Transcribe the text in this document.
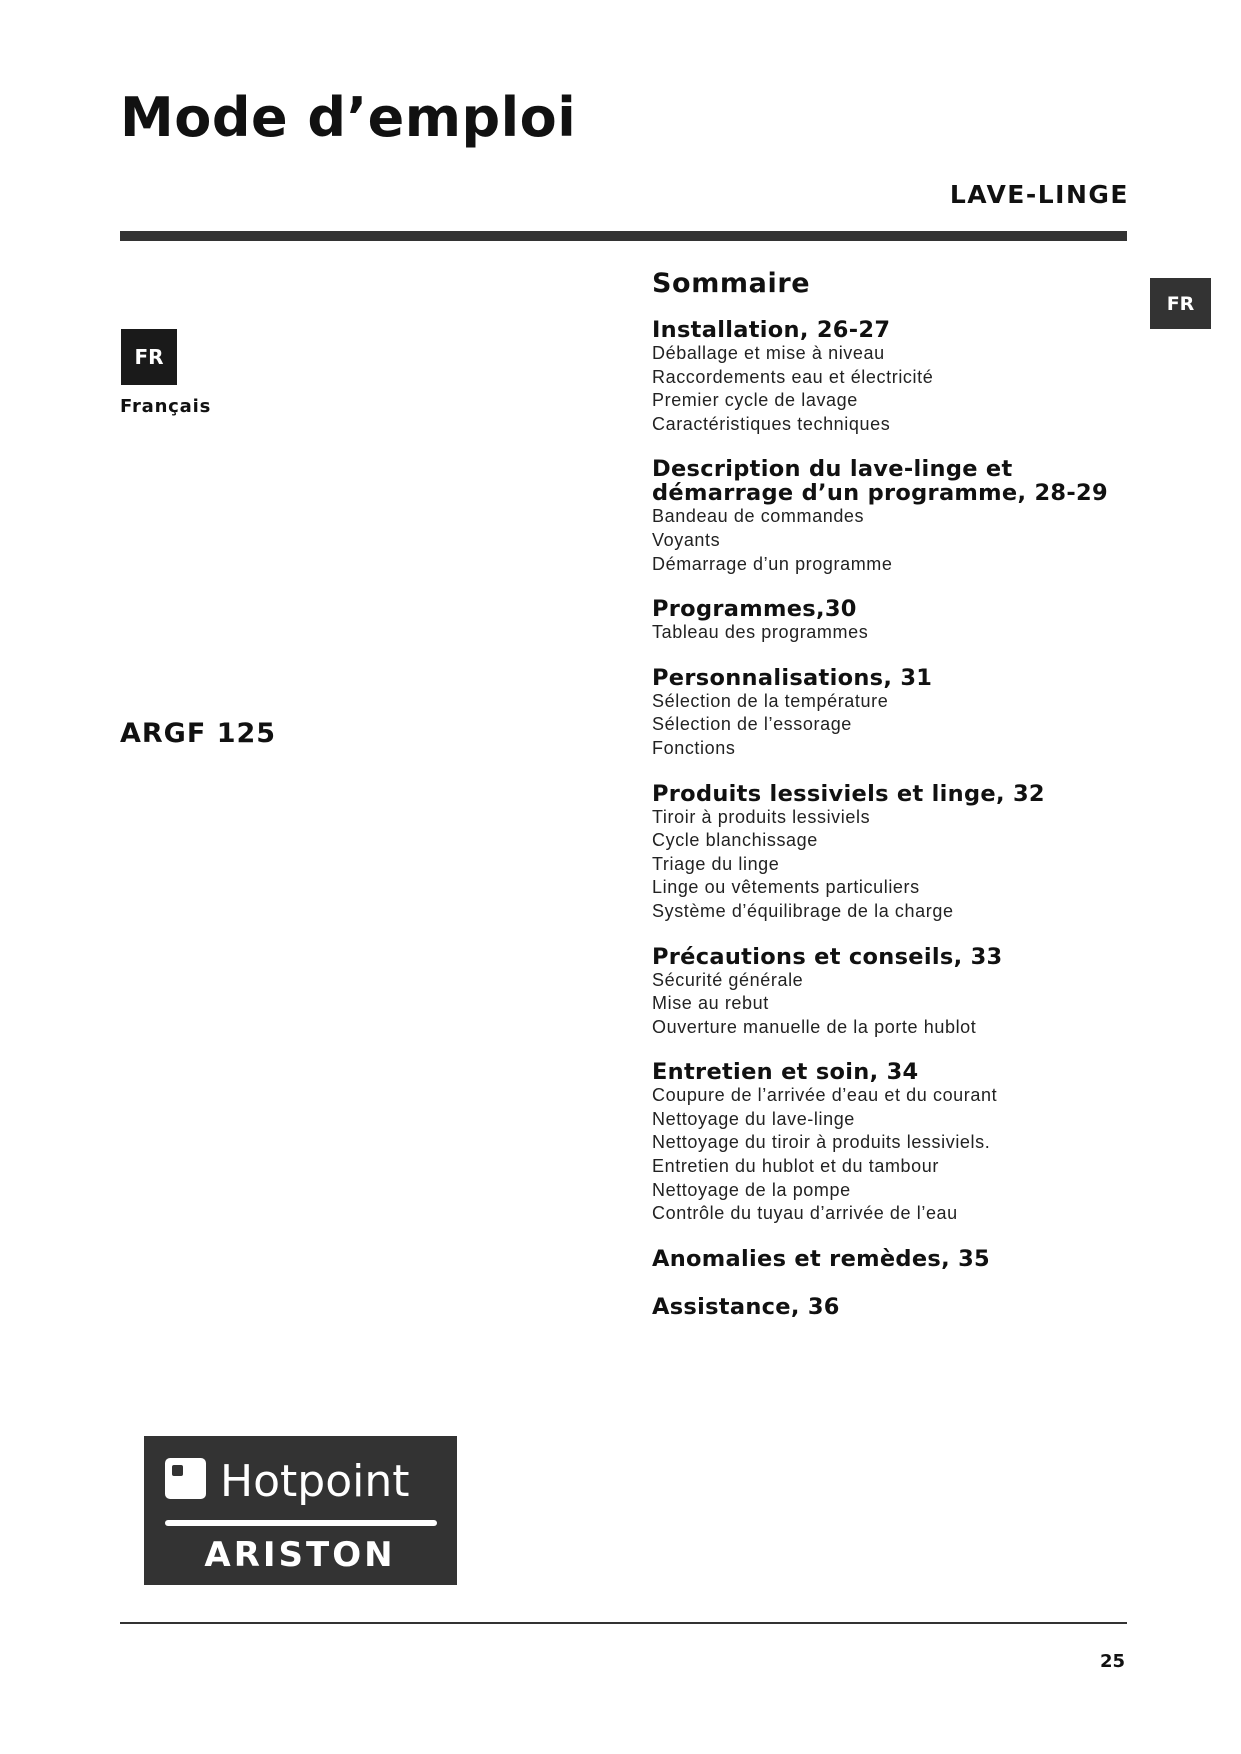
Mode d’emploi
LAVE-LINGE
FR
FR
Français
ARGF 125
Sommaire
Installation, 26-27
Déballage et mise à niveau
Raccordements eau et électricité
Premier cycle de lavage
Caractéristiques techniques
Description du lave-linge et démarrage d’un programme, 28-29
Bandeau de commandes
Voyants
Démarrage d’un programme
Programmes,30
Tableau des programmes
Personnalisations, 31
Sélection de la température
Sélection de l’essorage
Fonctions
Produits lessiviels et linge, 32
Tiroir à produits lessiviels
Cycle blanchissage
Triage du linge
Linge ou vêtements particuliers
Système d’équilibrage de la charge
Précautions et conseils, 33
Sécurité générale
Mise au rebut
Ouverture manuelle de la porte hublot
Entretien et soin, 34
Coupure de l’arrivée d’eau et du courant
Nettoyage du lave-linge
Nettoyage du tiroir à produits lessiviels.
Entretien du hublot et du tambour
Nettoyage de la pompe
Contrôle du tuyau d’arrivée de l’eau
Anomalies et remèdes, 35
Assistance, 36
Hotpoint
ARISTON
25
